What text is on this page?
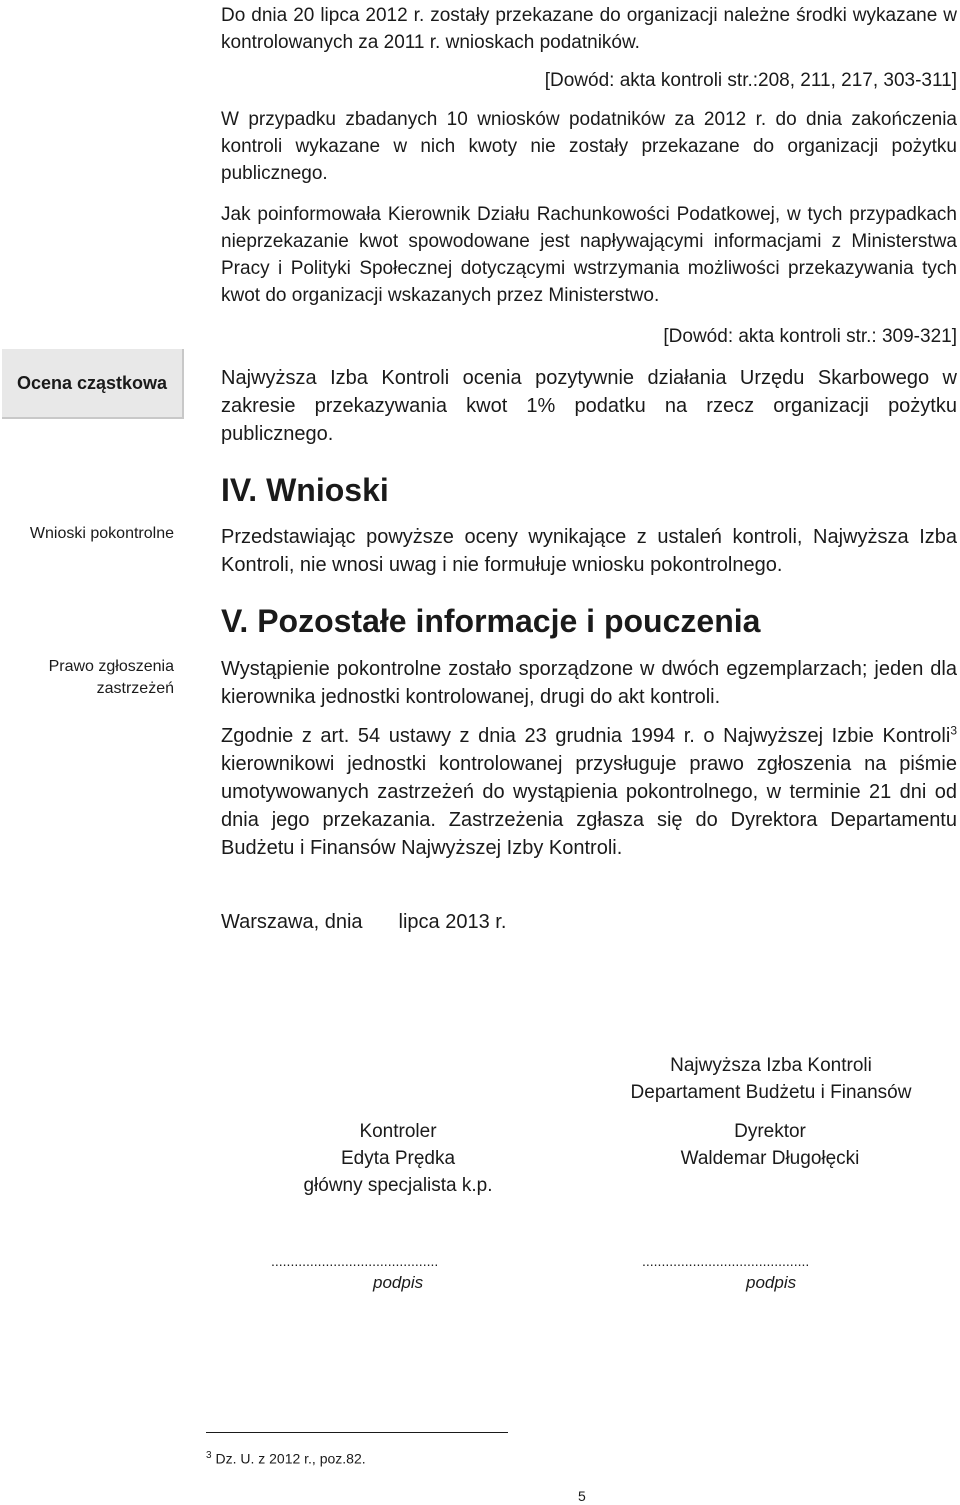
Ocena cząstkowa
Wnioski pokontrolne
Prawo zgłoszenia
zastrzeżeń
Do dnia 20 lipca 2012 r. zostały przekazane do organizacji należne środki wykazane w kontrolowanych za 2011 r. wnioskach podatników.
[Dowód: akta kontroli str.:208, 211, 217, 303-311]
W przypadku zbadanych 10 wniosków podatników za 2012 r. do dnia zakończenia kontroli wykazane w nich kwoty nie zostały przekazane do organizacji pożytku publicznego.
Jak poinformowała Kierownik Działu Rachunkowości Podatkowej, w tych przypadkach nieprzekazanie kwot spowodowane jest napływającymi informacjami z Ministerstwa Pracy i Polityki Społecznej dotyczącymi wstrzymania możliwości przekazywania tych kwot do organizacji wskazanych przez Ministerstwo.
[Dowód: akta kontroli str.: 309-321]
Najwyższa Izba Kontroli ocenia pozytywnie działania Urzędu Skarbowego w zakresie przekazywania kwot 1% podatku na rzecz organizacji pożytku publicznego.
IV. Wnioski
Przedstawiając powyższe oceny wynikające z ustaleń kontroli, Najwyższa Izba Kontroli, nie wnosi uwag i nie formułuje wniosku pokontrolnego.
V. Pozostałe informacje i pouczenia
Wystąpienie pokontrolne zostało sporządzone w dwóch egzemplarzach; jeden dla kierownika jednostki kontrolowanej, drugi do akt kontroli.
Zgodnie z art. 54 ustawy z dnia 23 grudnia 1994 r. o Najwyższej Izbie Kontroli$^3$ kierownikowi jednostki kontrolowanej przysługuje prawo zgłoszenia na piśmie umotywowanych zastrzeżeń do wystąpienia pokontrolnego, w terminie 21 dni od dnia jego przekazania. Zastrzeżenia zgłasza się do Dyrektora Departamentu Budżetu i Finansów Najwyższej Izby Kontroli.
Warszawa, dnia lipca 2013 r.
Najwyższa Izba Kontroli
Departament Budżetu i Finansów
Kontroler
Edyta Prędka
główny specjalista k.p.
Dyrektor
Waldemar Długołęcki
...........................................
podpis
...........................................
podpis
$^3$ Dz. U. z 2012 r., poz.82.
5
